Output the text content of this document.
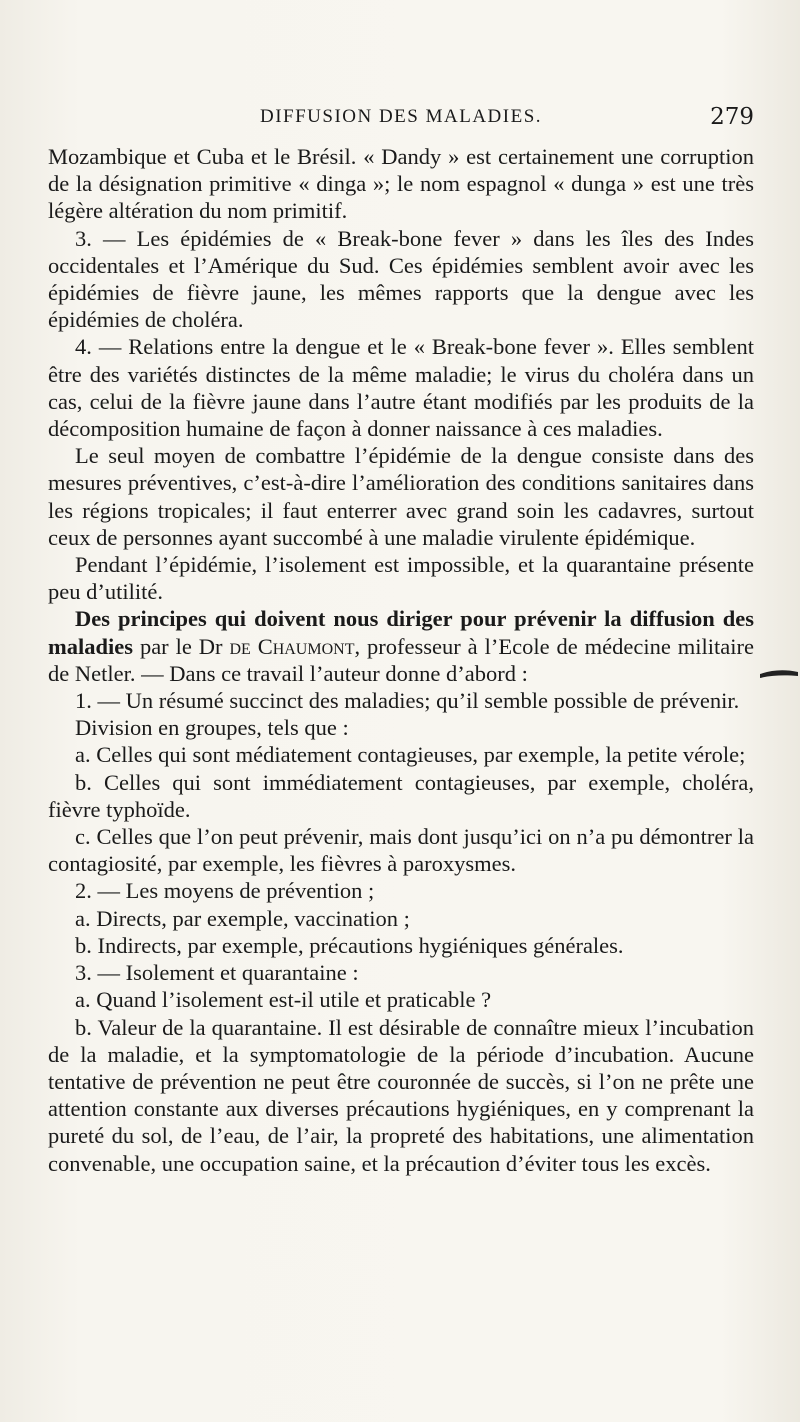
DIFFUSION DES MALADIES.	279

Mozambique et Cuba et le Brésil. « Dandy » est certainement une corruption de la désignation primitive « dinga »; le nom espagnol « dunga » est une très légère altération du nom primitif.

3. — Les épidémies de « Break-bone fever » dans les îles des Indes occidentales et l’Amérique du Sud. Ces épidémies semblent avoir avec les épidémies de fièvre jaune, les mêmes rapports que la dengue avec les épidémies de choléra.

4. — Relations entre la dengue et le « Break-bone fever ». Elles semblent être des variétés distinctes de la même maladie; le virus du choléra dans un cas, celui de la fièvre jaune dans l’autre étant modifiés par les produits de la décomposition humaine de façon à donner naissance à ces maladies.

Le seul moyen de combattre l’épidémie de la dengue consiste dans des mesures préventives, c’est-à-dire l’amélioration des conditions sanitaires dans les régions tropicales; il faut enterrer avec grand soin les cadavres, surtout ceux de personnes ayant succombé à une maladie virulente épidémique.

Pendant l’épidémie, l’isolement est impossible, et la quarantaine présente peu d’utilité.

Des principes qui doivent nous diriger pour prévenir la diffusion des maladies par le Dr de Chaumont, professeur à l’Ecole de médecine militaire de Netler. — Dans ce travail l’auteur donne d’abord :

1. — Un résumé succinct des maladies; qu’il semble possible de prévenir.

Division en groupes, tels que :

a. Celles qui sont médiatement contagieuses, par exemple, la petite vérole;

b. Celles qui sont immédiatement contagieuses, par exemple, choléra, fièvre typhoïde.

c. Celles que l’on peut prévenir, mais dont jusqu’ici on n’a pu démontrer la contagiosité, par exemple, les fièvres à paroxysmes.

2. — Les moyens de prévention ;

a. Directs, par exemple, vaccination ;

b. Indirects, par exemple, précautions hygiéniques générales.

3. — Isolement et quarantaine :

a. Quand l’isolement est-il utile et praticable ?

b. Valeur de la quarantaine. Il est désirable de connaître mieux l’incubation de la maladie, et la symptomatologie de la période d’incubation. Aucune tentative de prévention ne peut être couronnée de succès, si l’on ne prête une attention constante aux diverses précautions hygiéniques, en y comprenant la pureté du sol, de l’eau, de l’air, la propreté des habitations, une alimentation convenable, une occupation saine, et la précaution d’éviter tous les excès.
